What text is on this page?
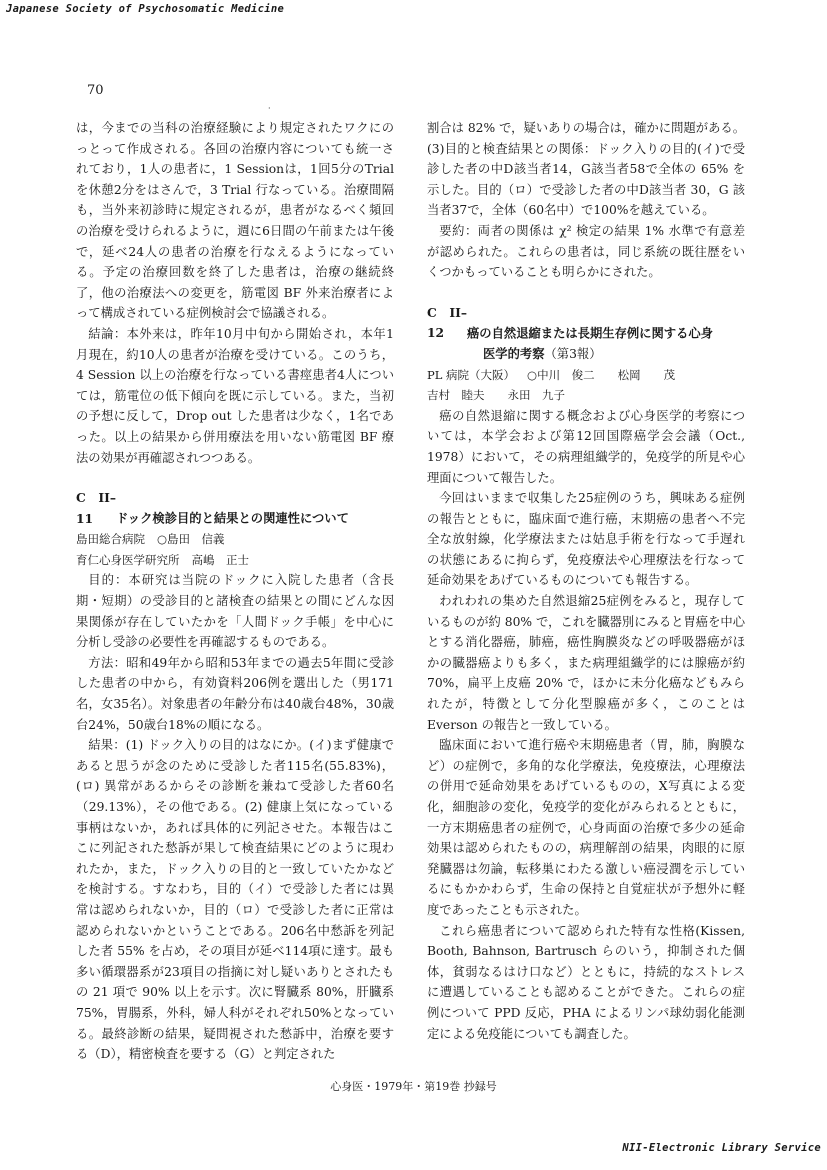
Japanese Society of Psychosomatic Medicine
70
·

は，今までの当科の治療経験により規定されたワクにのっとって作成される。各回の治療内容についても統一されており，1人の患者に，1 Sessionは，1回5分のTrialを休憩2分をはさんで，3 Trial 行なっている。治療間隔も，当外来初診時に規定されるが，患者がなるべく頻回の治療を受けられるように，週に6日間の午前または午後で，延べ24人の患者の治療を行なえるようになっている。予定の治療回数を終了した患者は，治療の継続終了，他の治療法への変更を，筋電図 BF 外来治療者によって構成されている症例検討会で協議される。

結論：本外来は，昨年10月中旬から開始され，本年1月現在，約10人の患者が治療を受けている。このうち，4 Session 以上の治療を行なっている書痙患者4人については，筋電位の低下傾向を既に示している。また，当初の予想に反して，Drop out した患者は少なく，1名であった。以上の結果から併用療法を用いない筋電図 BF 療法の効果が再確認されつつある。

C II–11 ドック検診目的と結果との関連性について

島田総合病院 ○島田　信義

育仁心身医学研究所 高嶋　正士

目的：本研究は当院のドックに入院した患者（含長期・短期）の受診目的と諸検査の結果との間にどんな因果関係が存在していたかを「人間ドック手帳」を中心に分析し受診の必要性を再確認するものである。

方法：昭和49年から昭和53年までの過去5年間に受診した患者の中から，有効資料206例を選出した（男171名，女35名）。対象患者の年齢分布は40歳台48%，30歳台24%，50歳台18%の順になる。

結果：(1) ドック入りの目的はなにか。(イ)まず健康であると思うが念のために受診した者115名(55.83%)，(ロ) 異常があるからその診断を兼ねて受診した者60名（29.13%），その他である。(2) 健康上気になっている事柄はないか，あれば具体的に列記させた。本報告はここに列記された愁訴が果して検査結果にどのように現われたか，また，ドック入りの目的と一致していたかなどを検討する。すなわち，目的（イ）で受診した者には異常は認められないか，目的（ロ）で受診した者に正常は認められないかということである。206名中愁訴を列記した者 55% を占め，その項目が延べ114項に達す。最も多い循環器系が23項目の指摘に対し疑いありとされたもの 21 項で 90% 以上を示す。次に腎臓系 80%，肝臓系 75%，胃腸系，外科，婦人科がそれぞれ50%となっている。最終診断の結果，疑問視された愁訴中，治療を要する（D），精密検査を要する（G）と判定された

割合は 82% で，疑いありの場合は，確かに問題がある。(3)目的と検査結果との関係：ドック入りの目的(イ)で受診した者の中D該当者14，G該当者58で全体の 65% を示した。目的（ロ）で受診した者の中D該当者 30，G 該当者37で，全体（60名中）で100%を越えている。

要約：両者の関係は χ² 検定の結果 1% 水準で有意差が認められた。これらの患者は，同じ系統の既往歴をいくつかもっていることも明らかにされた。

C II–12 癌の自然退縮または長期生存例に関する心身

医学的考察（第3報）

PL 病院（大阪） ○中川　俊二　　松岡　　茂

吉村　睦夫　　永田　九子

癌の自然退縮に関する概念および心身医学的考察については，本学会および第12回国際癌学会会議（Oct., 1978）において，その病理組織学的，免疫学的所見や心理面について報告した。

今回はいままで収集した25症例のうち，興味ある症例の報告とともに，臨床面で進行癌，末期癌の患者へ不完全な放射線，化学療法または姑息手術を行なって手遅れの状態にあるに拘らず，免疫療法や心理療法を行なって延命効果をあげているものについても報告する。

われわれの集めた自然退縮25症例をみると，現存しているものが約 80% で，これを臓器別にみると胃癌を中心とする消化器癌，肺癌，癌性胸膜炎などの呼吸器癌がほかの臓器癌よりも多く，また病理組織学的には腺癌が約 70%，扁平上皮癌 20% で，ほかに未分化癌などもみられたが，特徴として分化型腺癌が多く，このことは Everson の報告と一致している。

臨床面において進行癌や末期癌患者（胃，肺，胸膜など）の症例で，多角的な化学療法，免疫療法，心理療法の併用で延命効果をあげているものの，X写真による変化，細胞診の変化，免疫学的変化がみられるとともに，一方末期癌患者の症例で，心身両面の治療で多少の延命効果は認められたものの，病理解剖の結果，肉眼的に原発臓器は勿論，転移巣にわたる激しい癌浸潤を示しているにもかかわらず，生命の保持と自覚症状が予想外に軽度であったことも示された。

これら癌患者について認められた特有な性格(Kissen, Booth, Bahnson, Bartrusch らのいう，抑制された個体，貧弱なるはけ口など）とともに，持続的なストレスに遭遇していることも認めることができた。これらの症例について PPD 反応，PHA によるリンパ球幼弱化能測定による免疫能についても調査した。

心身医・1979年・第19巻 抄録号
NII-Electronic Library Service
